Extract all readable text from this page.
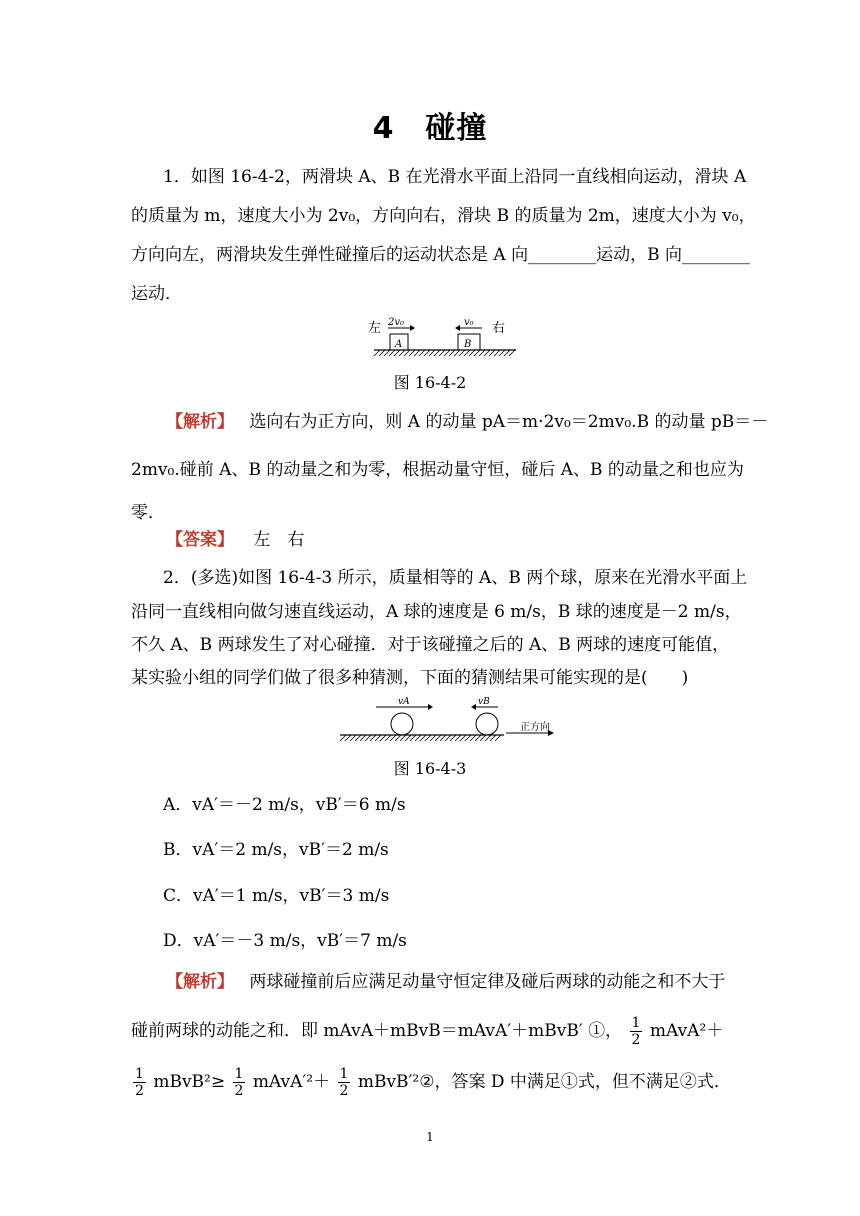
4　碰撞
1．如图 16-4-2，两滑块 A、B 在光滑水平面上沿同一直线相向运动，滑块 A
的质量为 m，速度大小为 2v₀，方向向右，滑块 B 的质量为 2m，速度大小为 v₀，
方向向左，两滑块发生弹性碰撞后的运动状态是 A 向________运动，B 向________
运动．
左	右
2v₀	v₀
A	B
图 16-4-2
【解析】 选向右为正方向，则 A 的动量 pA＝m·2v₀＝2mv₀.B 的动量 pB＝－
2mv₀.碰前 A、B 的动量之和为零，根据动量守恒，碰后 A、B 的动量之和也应为
零．
【答案】 左　右
2．(多选)如图 16-4-3 所示，质量相等的 A、B 两个球，原来在光滑水平面上
沿同一直线相向做匀速直线运动，A 球的速度是 6 m/s，B 球的速度是－2 m/s，
不久 A、B 两球发生了对心碰撞．对于该碰撞之后的 A、B 两球的速度可能值，
某实验小组的同学们做了很多种猜测，下面的猜测结果可能实现的是(　　)
vA	vB
正方向
图 16-4-3
A．vA′＝－2 m/s，vB′＝6 m/s
B．vA′＝2 m/s，vB′＝2 m/s
C．vA′＝1 m/s，vB′＝3 m/s
D．vA′＝－3 m/s，vB′＝7 m/s
【解析】 两球碰撞前后应满足动量守恒定律及碰后两球的动能之和不大于
碰前两球的动能之和．即 mAvA＋mBvB＝mAvA′＋mBvB′ ①， $\frac{1}{2}$ mAvA²＋
$\frac{1}{2}$ mBvB²≥ $\frac{1}{2}$ mAvA′²＋ $\frac{1}{2}$ mBvB′²②，答案 D 中满足①式，但不满足②式．
1
